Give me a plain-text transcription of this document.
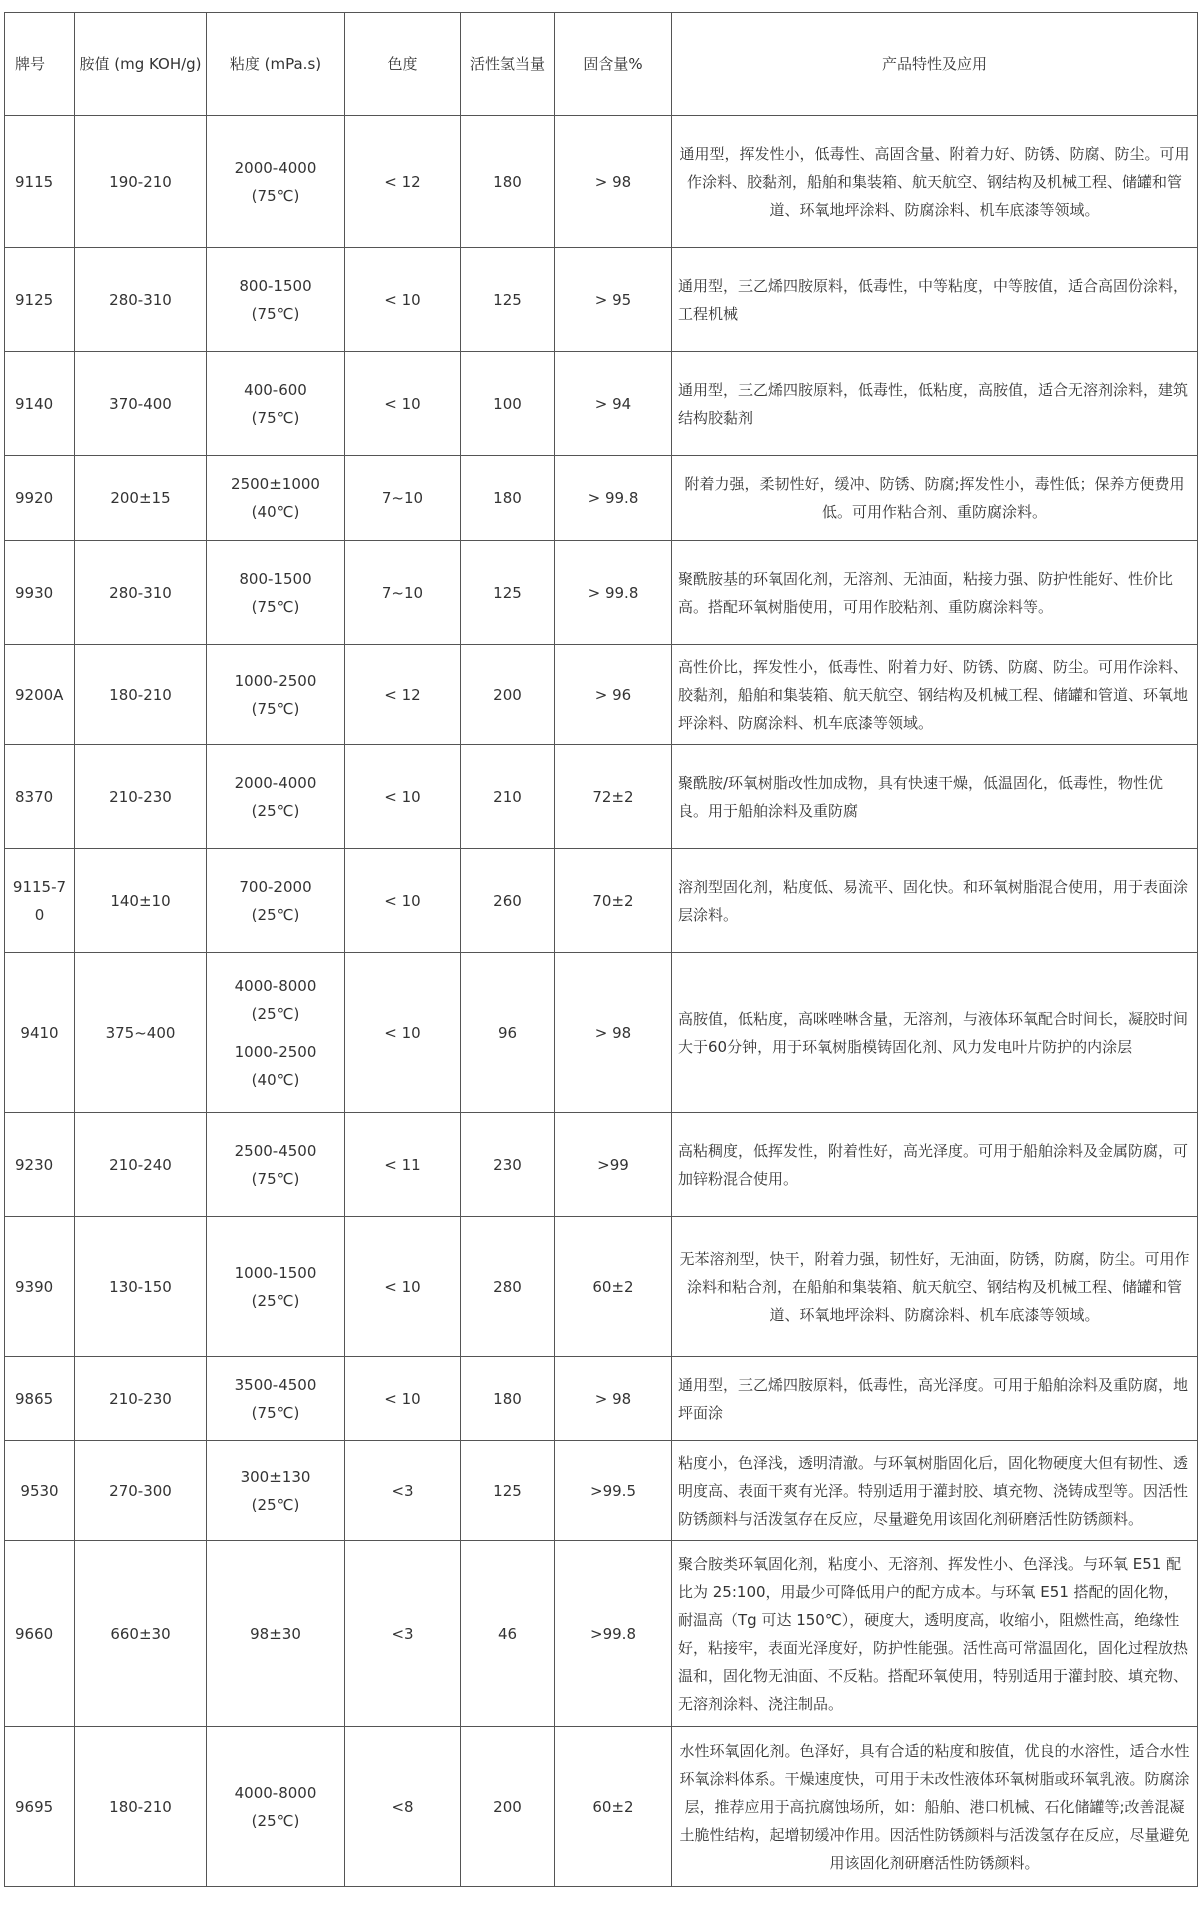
牌号	胺值 (mg KOH/g)	粘度 (mPa.s)	色度	活性氢当量	固含量%	产品特性及应用
9115	190-210	2000-4000
(75℃)	< 12	180	> 98	通用型，挥发性小，低毒性、高固含量、附着力好、防锈、防腐、防尘。可用作涂料、胶黏剂，船舶和集装箱、航天航空、钢结构及机械工程、储罐和管道、环氧地坪涂料、防腐涂料、机车底漆等领域。
9125	280-310	800-1500
(75℃)	< 10	125	> 95	通用型，三乙烯四胺原料，低毒性，中等粘度，中等胺值，适合高固份涂料，工程机械
9140	370-400	400-600
(75℃)	< 10	100	> 94	通用型，三乙烯四胺原料，低毒性，低粘度，高胺值，适合无溶剂涂料，建筑结构胶黏剂
9920	200±15	2500±1000
(40℃)	7~10	180	> 99.8	附着力强，柔韧性好，缓冲、防锈、防腐;挥发性小，毒性低；保养方便费用低。可用作粘合剂、重防腐涂料。
9930	280-310	800-1500
(75℃)	7~10	125	> 99.8	聚酰胺基的环氧固化剂，无溶剂、无油面，粘接力强、防护性能好、性价比高。搭配环氧树脂使用，可用作胶粘剂、重防腐涂料等。
9200A	180-210	1000-2500
(75℃)	< 12	200	> 96	高性价比，挥发性小，低毒性、附着力好、防锈、防腐、防尘。可用作涂料、胶黏剂，船舶和集装箱、航天航空、钢结构及机械工程、储罐和管道、环氧地坪涂料、防腐涂料、机车底漆等领域。
8370	210-230	2000-4000
(25℃)	< 10	210	72±2	聚酰胺/环氧树脂改性加成物，具有快速干燥，低温固化，低毒性，物性优良。用于船舶涂料及重防腐
9115-70	140±10	700-2000
(25℃)	< 10	260	70±2	溶剂型固化剂，粘度低、易流平、固化快。和环氧树脂混合使用，用于表面涂层涂料。
9410	375~400	4000-8000
(25℃)
1000-2500
(40℃)	< 10	96	> 98	高胺值，低粘度，高咪唑啉含量，无溶剂，与液体环氧配合时间长，凝胶时间大于60分钟，用于环氧树脂模铸固化剂、风力发电叶片防护的内涂层
9230	210-240	2500-4500
(75℃)	< 11	230	>99	高粘稠度，低挥发性，附着性好，高光泽度。可用于船舶涂料及金属防腐，可加锌粉混合使用。
9390	130-150	1000-1500
(25℃)	< 10	280	60±2	无苯溶剂型，快干，附着力强，韧性好，无油面，防锈，防腐，防尘。可用作涂料和粘合剂，在船舶和集装箱、航天航空、钢结构及机械工程、储罐和管道、环氧地坪涂料、防腐涂料、机车底漆等领域。
9865	210-230	3500-4500
(75℃)	< 10	180	> 98	通用型，三乙烯四胺原料，低毒性，高光泽度。可用于船舶涂料及重防腐，地坪面涂
9530	270-300	300±130
(25℃)	<3	125	>99.5	粘度小，色泽浅，透明清澈。与环氧树脂固化后，固化物硬度大但有韧性、透明度高、表面干爽有光泽。特别适用于灌封胶、填充物、浇铸成型等。因活性防锈颜料与活泼氢存在反应，尽量避免用该固化剂研磨活性防锈颜料。
9660	660±30	98±30	<3	46	>99.8	聚合胺类环氧固化剂，粘度小、无溶剂、挥发性小、色泽浅。与环氧 E51 配比为 25:100，用最少可降低用户的配方成本。与环氧 E51 搭配的固化物，耐温高（Tg 可达 150℃），硬度大，透明度高，收缩小，阻燃性高，绝缘性好，粘接牢，表面光泽度好，防护性能强。活性高可常温固化，固化过程放热温和，固化物无油面、不反粘。搭配环氧使用，特别适用于灌封胶、填充物、无溶剂涂料、浇注制品。
9695	180-210	4000-8000
(25℃)	<8	200	60±2	水性环氧固化剂。色泽好，具有合适的粘度和胺值，优良的水溶性，适合水性环氧涂料体系。干燥速度快，可用于未改性液体环氧树脂或环氧乳液。防腐涂层，推荐应用于高抗腐蚀场所，如：船舶、港口机械、石化储罐等;改善混凝土脆性结构，起增韧缓冲作用。因活性防锈颜料与活泼氢存在反应，尽量避免用该固化剂研磨活性防锈颜料。
